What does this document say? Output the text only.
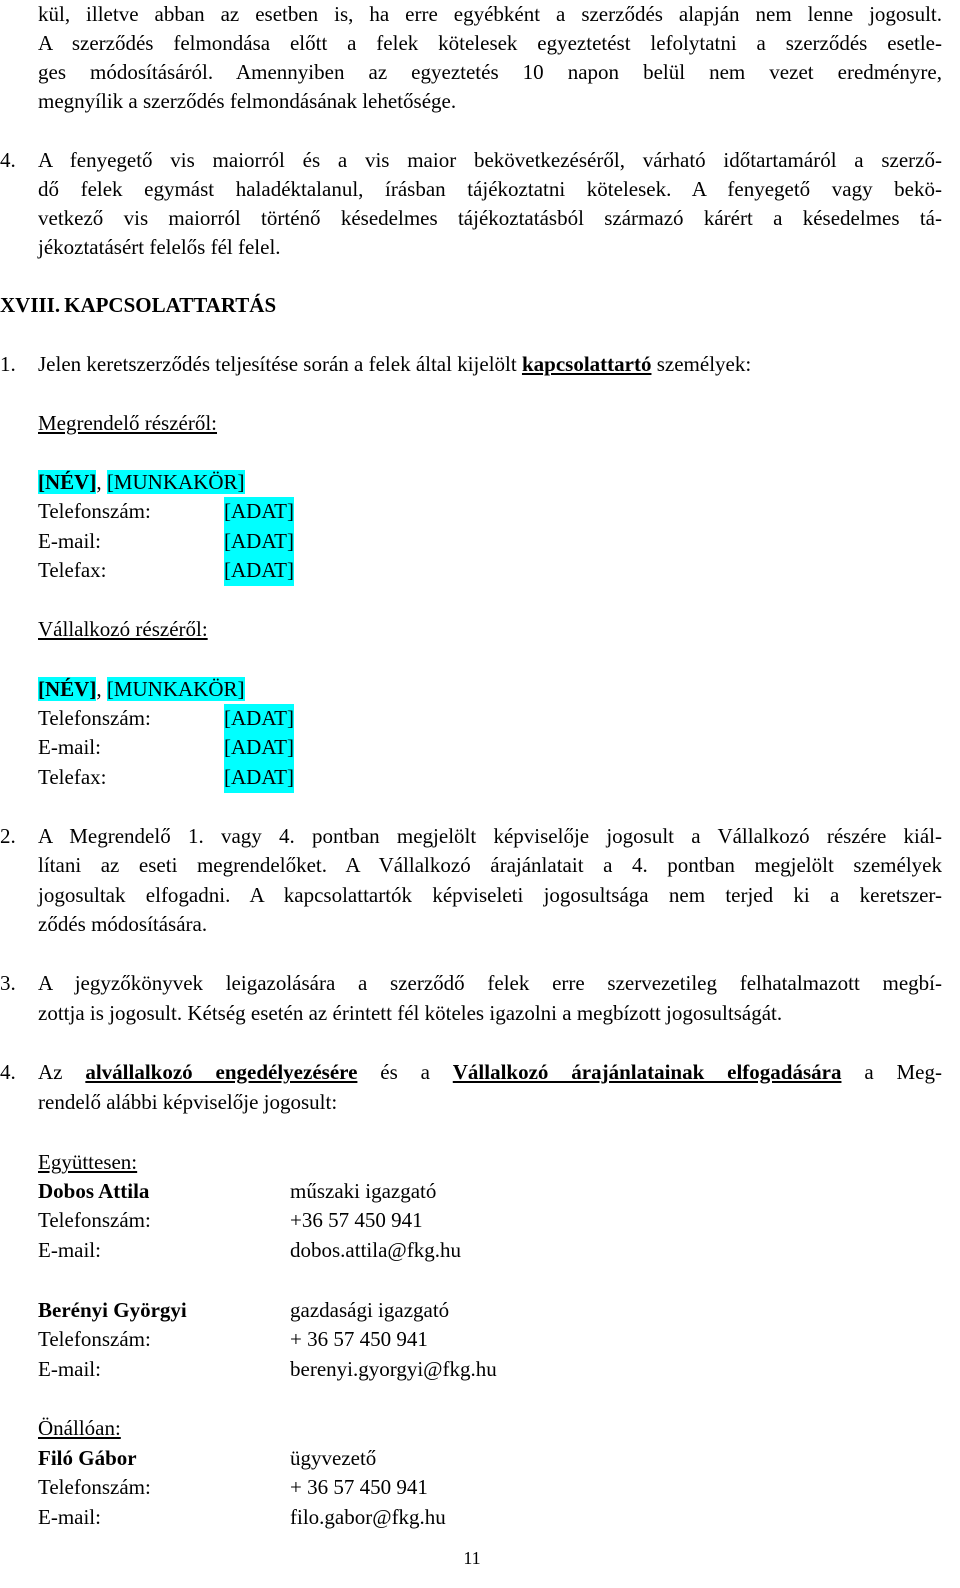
kül, illetve abban az esetben is, ha erre egyébként a szerződés alapján nem lenne jogosult.
A szerződés felmondása előtt a felek kötelesek egyeztetést lefolytatni a szerződés esetle-
ges módosításáról. Amennyiben az egyeztetés 10 napon belül nem vezet eredményre,
megnyílik a szerződés felmondásának lehetősége.
4. A fenyegető vis maiorról és a vis maior bekövetkezéséről, várható időtartamáról a szerző-
dő felek egymást haladéktalanul, írásban tájékoztatni kötelesek. A fenyegető vagy bekö-
vetkező vis maiorról történő késedelmes tájékoztatásból származó kárért a késedelmes tá-
jékoztatásért felelős fél felel.
XVIII. KAPCSOLATTARTÁS
1. Jelen keretszerződés teljesítése során a felek által kijelölt kapcsolattartó személyek:
Megrendelő részéről:
[NÉV], [MUNKAKÖR]
Telefonszám:	[ADAT]
E-mail:	[ADAT]
Telefax:	[ADAT]
Vállalkozó részéről:
[NÉV], [MUNKAKÖR]
Telefonszám:	[ADAT]
E-mail:	[ADAT]
Telefax:	[ADAT]
2. A Megrendelő 1. vagy 4. pontban megjelölt képviselője jogosult a Vállalkozó részére kiál-
lítani az eseti megrendelőket. A Vállalkozó árajánlatait a 4. pontban megjelölt személyek
jogosultak elfogadni. A kapcsolattartók képviseleti jogosultsága nem terjed ki a keretszer-
ződés módosítására.
3. A jegyzőkönyvek leigazolására a szerződő felek erre szervezetileg felhatalmazott megbí-
zottja is jogosult. Kétség esetén az érintett fél köteles igazolni a megbízott jogosultságát.
4. Az alvállalkozó engedélyezésére és a Vállalkozó árajánlatainak elfogadására a Meg-
rendelő alábbi képviselője jogosult:
Együttesen:
Dobos Attila	műszaki igazgató
Telefonszám:	+36 57 450 941
E-mail:	dobos.attila@fkg.hu
Berényi Györgyi	gazdasági igazgató
Telefonszám:	+ 36 57 450 941
E-mail:	berenyi.gyorgyi@fkg.hu
Önállóan:
Filó Gábor	ügyvezető
Telefonszám:	+ 36 57 450 941
E-mail:	filo.gabor@fkg.hu
11
